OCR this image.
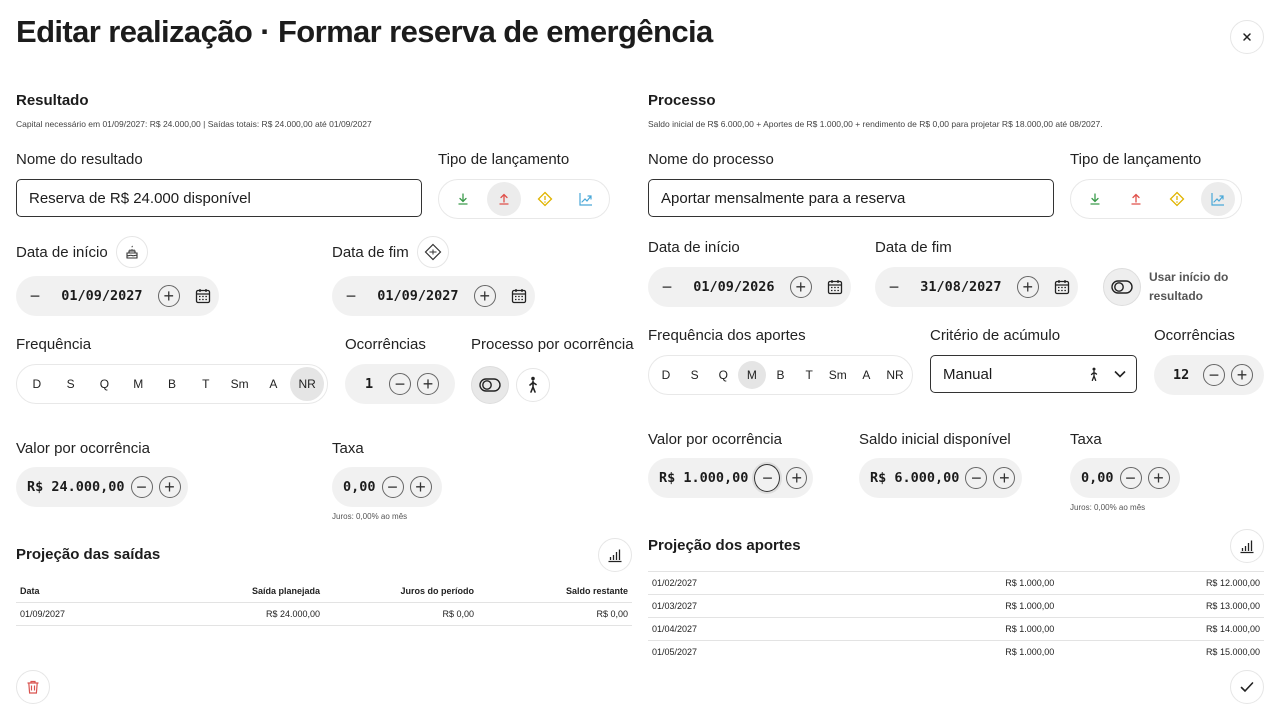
Editar realização · Formar reserva de emergência
Resultado
Capital necessário em 01/09/2027: R$ 24.000,00 | Saídas totais: R$ 24.000,00 até 01/09/2027
Nome do resultado
Reserva de R$ 24.000 disponível
Tipo de lançamento
Data de início	Data de fim
−	01/09/2027	+	−	01/09/2027	+
Frequência
D	S	Q	M	B	T	Sm	A	NR
Ocorrências
1	− +
Processo por ocorrência
Valor por ocorrência
R$ 24.000,00 − +
Taxa
0,00 − +
Juros: 0,00% ao mês
Projeção das saídas
Data	Saída planejada	Juros do período	Saldo restante
01/09/2027	R$ 24.000,00	R$ 0,00	R$ 0,00
Processo
Saldo inicial de R$ 6.000,00 + Aportes de R$ 1.000,00 + rendimento de R$ 0,00 para projetar R$ 18.000,00 até 08/2027.
Nome do processo
Aportar mensalmente para a reserva
Tipo de lançamento
Data de início	Data de fim
−	01/09/2026	+	−	31/08/2027	+	Usar início do
resultado
Frequência dos aportes
D	S	Q	M	B	T	Sm	A	NR
Critério de acúmulo
Manual
Ocorrências
12	− +
Valor por ocorrência
R$ 1.000,00 −	+
Saldo inicial disponível
R$ 6.000,00 − +
Taxa
0,00 − +
Juros: 0,00% ao mês
Projeção dos aportes
01/02/2027	R$ 1.000,00	R$ 12.000,00
01/03/2027	R$ 1.000,00	R$ 13.000,00
01/04/2027	R$ 1.000,00	R$ 14.000,00
01/05/2027	R$ 1.000,00	R$ 15.000,00
